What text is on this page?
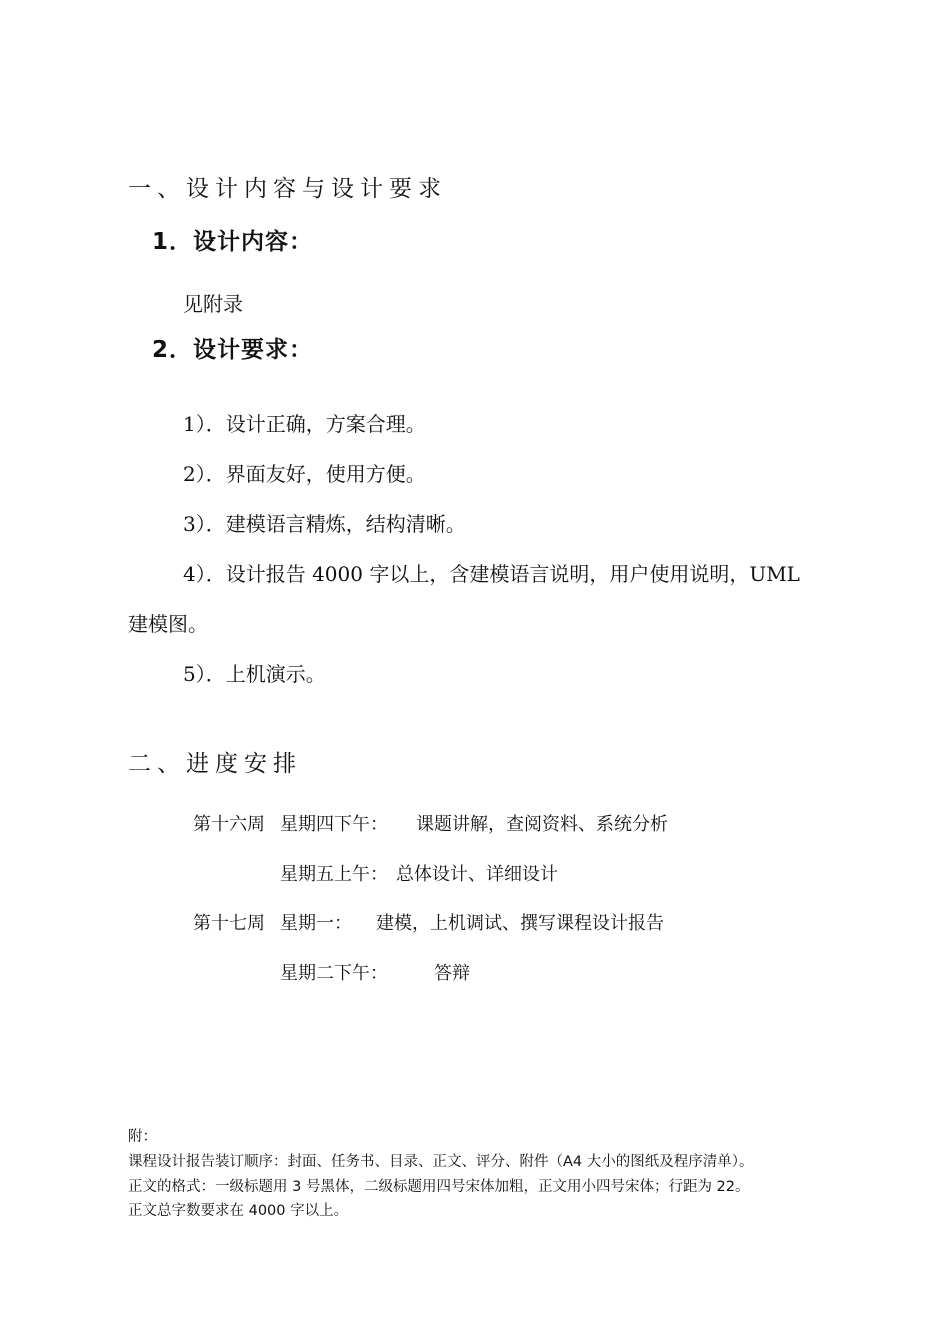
一、设计内容与设计要求
1．设计内容：
见附录
2．设计要求：
1）．设计正确，方案合理。
2）．界面友好，使用方便。
3）．建模语言精炼，结构清晰。
4）．设计报告 4000 字以上，含建模语言说明，用户使用说明，UML
建模图。
5）．上机演示。
二、进度安排
第十六周 星期四下午： 课题讲解，查阅资料、系统分析
星期五上午： 总体设计、详细设计
第十七周 星期一： 建模，上机调试、撰写课程设计报告
星期二下午：	答辩
附：
课程设计报告装订顺序：封面、任务书、目录、正文、评分、附件（A4 大小的图纸及程序清单）。
正文的格式：一级标题用 3 号黑体，二级标题用四号宋体加粗，正文用小四号宋体；行距为 22。
正文总字数要求在 4000 字以上。
